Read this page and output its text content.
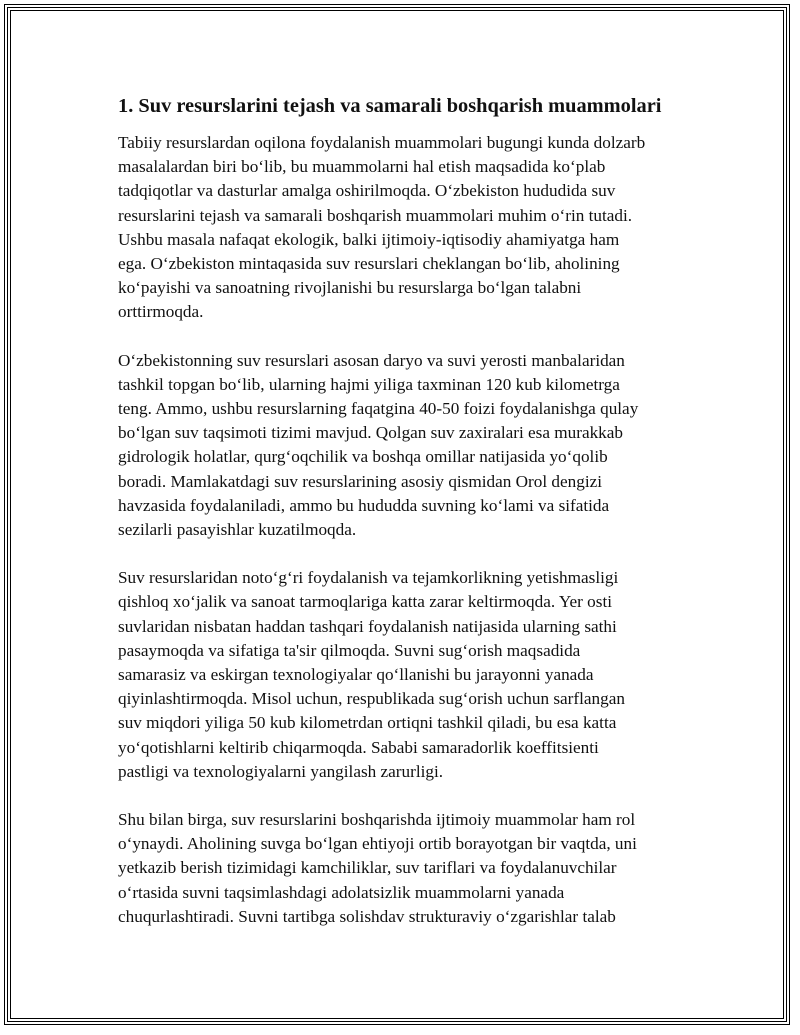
1. Suv resurslarini tejash va samarali boshqarish muammolari

Tabiiy resurslardan oqilona foydalanish muammolari bugungi kunda dolzarb
masalalardan biri bo‘lib, bu muammolarni hal etish maqsadida ko‘plab
tadqiqotlar va dasturlar amalga oshirilmoqda. O‘zbekiston hududida suv
resurslarini tejash va samarali boshqarish muammolari muhim o‘rin tutadi.
Ushbu masala nafaqat ekologik, balki ijtimoiy-iqtisodiy ahamiyatga ham
ega. O‘zbekiston mintaqasida suv resurslari cheklangan bo‘lib, aholining
ko‘payishi va sanoatning rivojlanishi bu resurslarga bo‘lgan talabni
orttirmoqda.

O‘zbekistonning suv resurslari asosan daryo va suvi yerosti manbalaridan
tashkil topgan bo‘lib, ularning hajmi yiliga taxminan 120 kub kilometrga
teng. Ammo, ushbu resurslarning faqatgina 40-50 foizi foydalanishga qulay
bo‘lgan suv taqsimoti tizimi mavjud. Qolgan suv zaxiralari esa murakkab
gidrologik holatlar, qurg‘oqchilik va boshqa omillar natijasida yo‘qolib
boradi. Mamlakatdagi suv resurslarining asosiy qismidan Orol dengizi
havzasida foydalaniladi, ammo bu hududda suvning ko‘lami va sifatida
sezilarli pasayishlar kuzatilmoqda.

Suv resurslaridan noto‘g‘ri foydalanish va tejamkorlikning yetishmasligi
qishloq xo‘jalik va sanoat tarmoqlariga katta zarar keltirmoqda. Yer osti
suvlaridan nisbatan haddan tashqari foydalanish natijasida ularning sathi
pasaymoqda va sifatiga ta'sir qilmoqda. Suvni sug‘orish maqsadida
samarasiz va eskirgan texnologiyalar qo‘llanishi bu jarayonni yanada
qiyinlashtirmoqda. Misol uchun, respublikada sug‘orish uchun sarflangan
suv miqdori yiliga 50 kub kilometrdan ortiqni tashkil qiladi, bu esa katta
yo‘qotishlarni keltirib chiqarmoqda. Sababi samaradorlik koeffitsienti
pastligi va texnologiyalarni yangilash zarurligi.

Shu bilan birga, suv resurslarini boshqarishda ijtimoiy muammolar ham rol
o‘ynaydi. Aholining suvga bo‘lgan ehtiyoji ortib borayotgan bir vaqtda, uni
yetkazib berish tizimidagi kamchiliklar, suv tariflari va foydalanuvchilar
o‘rtasida suvni taqsimlashdagi adolatsizlik muammolarni yanada
chuqurlashtiradi. Suvni tartibga solishdav strukturaviy o‘zgarishlar talab
